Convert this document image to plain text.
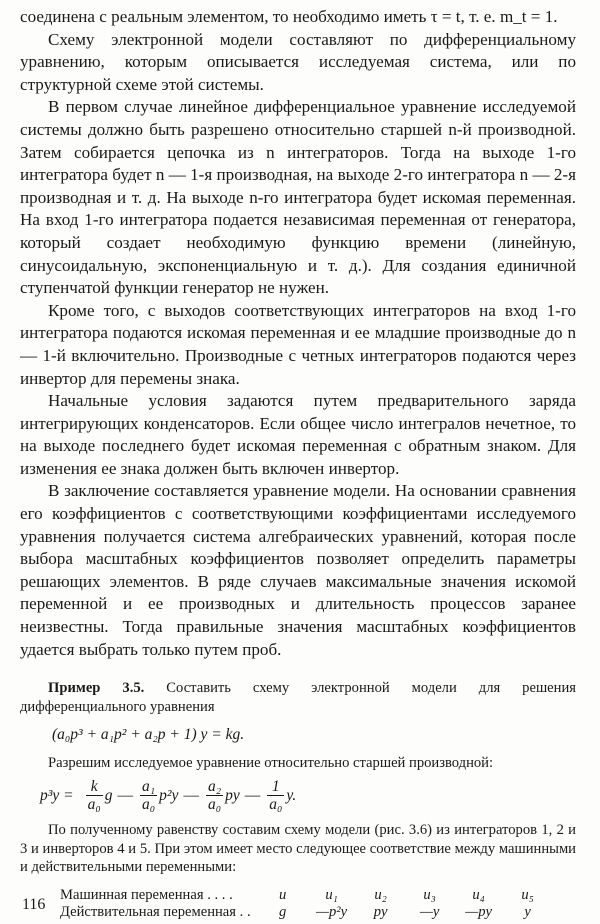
соединена с реальным элементом, то необходимо иметь τ = t, т. е. m_t = 1.

Схему электронной модели составляют по дифференциальному уравнению, которым описывается исследуемая система, или по структурной схеме этой системы.

В первом случае линейное дифференциальное уравнение исследуемой системы должно быть разрешено относительно старшей n-й производной. Затем собирается цепочка из n интеграторов. Тогда на выходе 1-го интегратора будет n — 1-я производная, на выходе 2-го интегратора n — 2-я производная и т. д. На выходе n-го интегратора будет искомая переменная. На вход 1-го интегратора подается независимая переменная от генератора, который создает необходимую функцию времени (линейную, синусоидальную, экспоненциальную и т. д.). Для создания единичной ступенчатой функции генератор не нужен.

Кроме того, с выходов соответствующих интеграторов на вход 1-го интегратора подаются искомая переменная и ее младшие производные до n — 1-й включительно. Производные с четных интеграторов подаются через инвертор для перемены знака.

Начальные условия задаются путем предварительного заряда интегрирующих конденсаторов. Если общее число интегралов нечетное, то на выходе последнего будет искомая переменная с обратным знаком. Для изменения ее знака должен быть включен инвертор.

В заключение составляется уравнение модели. На основании сравнения его коэффициентов с соответствующими коэффициентами исследуемого уравнения получается система алгебраических уравнений, которая после выбора масштабных коэффициентов позволяет определить параметры решающих элементов. В ряде случаев максимальные значения искомой переменной и ее производных и длительность процессов заранее неизвестны. Тогда правильные значения масштабных коэффициентов удается выбрать только путем проб.

Пример 3.5. Составить схему электронной модели для решения дифференциального уравнения

(a₀p³ + a₁p² + a₂p + 1) y = kg.

Разрешим исследуемое уравнение относительно старшей производной:

$p^3y = \frac{k}{\text{a₀}}$ g — $\frac{\text{a₁}}{\text{a₀}} p^2y$ — $\frac{\text{a₂}}{\text{a₀}}$ py — $\frac{1}{\text{a₀}} y$.

По полученному равенству составим схему модели (рис. 3.6) из интеграторов 1, 2 и 3 и инверторов 4 и 5. При этом имеет место следующее соответствие между машинными и действительными переменными:

Машинная переменная . . . .	u	u₁	u₂	u₃	u₄	u₅
Действительная переменная . .	g	—p²y	py	—y	—py	y
116
